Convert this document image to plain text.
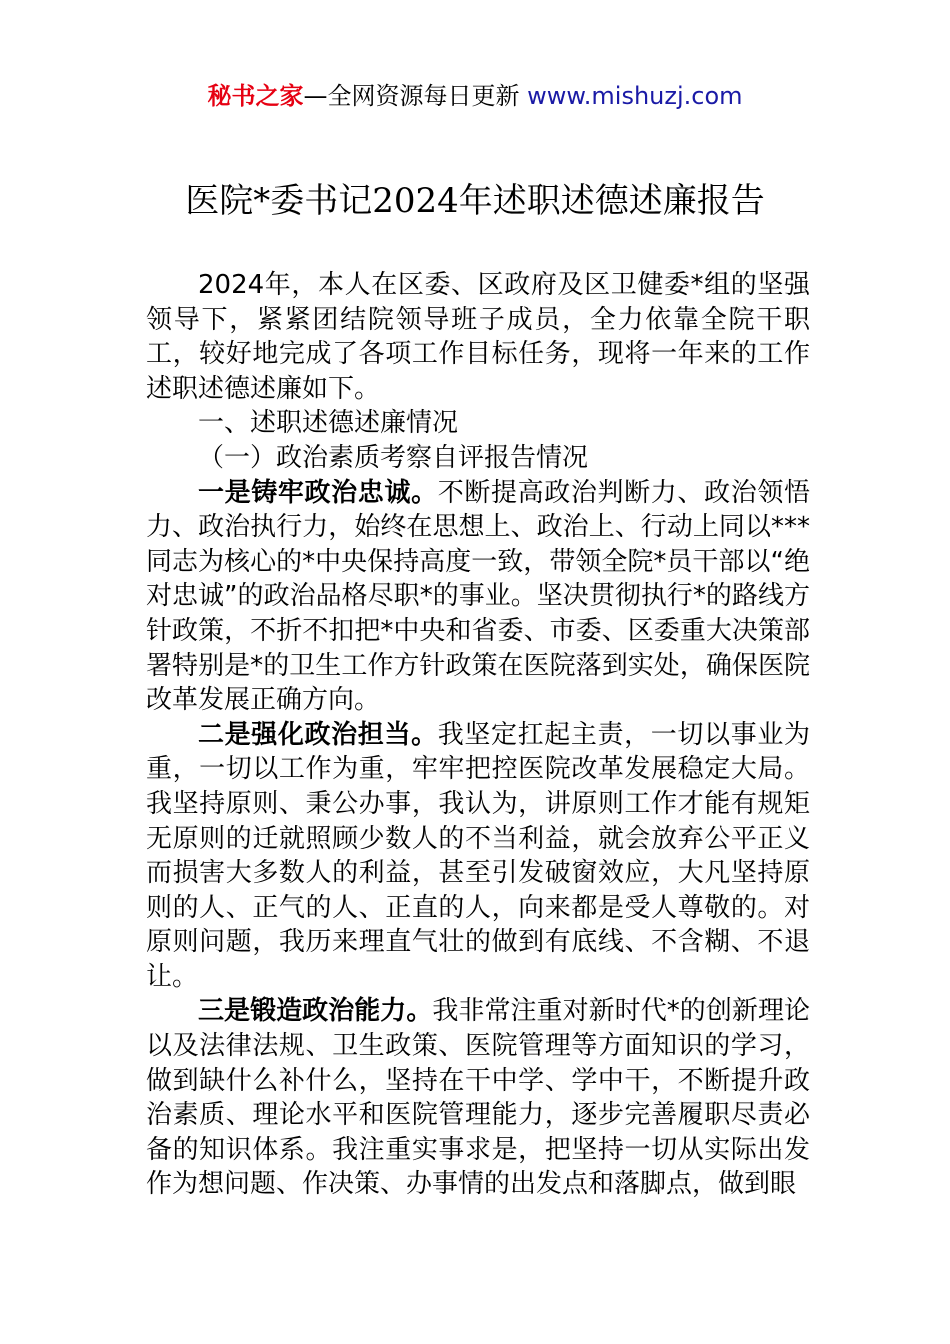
秘书之家—全网资源每日更新 www.mishuzj.com
医院*委书记2024年述职述德述廉报告

2024年，本人在区委、区政府及区卫健委*组的坚强领导下，紧紧团结院领导班子成员，全力依靠全院干职工，较好地完成了各项工作目标任务，现将一年来的工作述职述德述廉如下。

一、述职述德述廉情况

（一）政治素质考察自评报告情况

一是铸牢政治忠诚。不断提高政治判断力、政治领悟力、政治执行力，始终在思想上、政治上、行动上同以***同志为核心的*中央保持高度一致，带领全院*员干部以“绝对忠诚”的政治品格尽职*的事业。坚决贯彻执行*的路线方针政策，不折不扣把*中央和省委、市委、区委重大决策部署特别是*的卫生工作方针政策在医院落到实处，确保医院改革发展正确方向。

二是强化政治担当。我坚定扛起主责，一切以事业为重，一切以工作为重，牢牢把控医院改革发展稳定大局。我坚持原则、秉公办事，我认为，讲原则工作才能有规矩无原则的迁就照顾少数人的不当利益，就会放弃公平正义而损害大多数人的利益，甚至引发破窗效应，大凡坚持原则的人、正气的人、正直的人，向来都是受人尊敬的。对原则问题，我历来理直气壮的做到有底线、不含糊、不退让。

三是锻造政治能力。我非常注重对新时代*的创新理论以及法律法规、卫生政策、医院管理等方面知识的学习，做到缺什么补什么，坚持在干中学、学中干，不断提升政治素质、理论水平和医院管理能力，逐步完善履职尽责必备的知识体系。我注重实事求是，把坚持一切从实际出发作为想问题、作决策、办事情的出发点和落脚点，做到眼
